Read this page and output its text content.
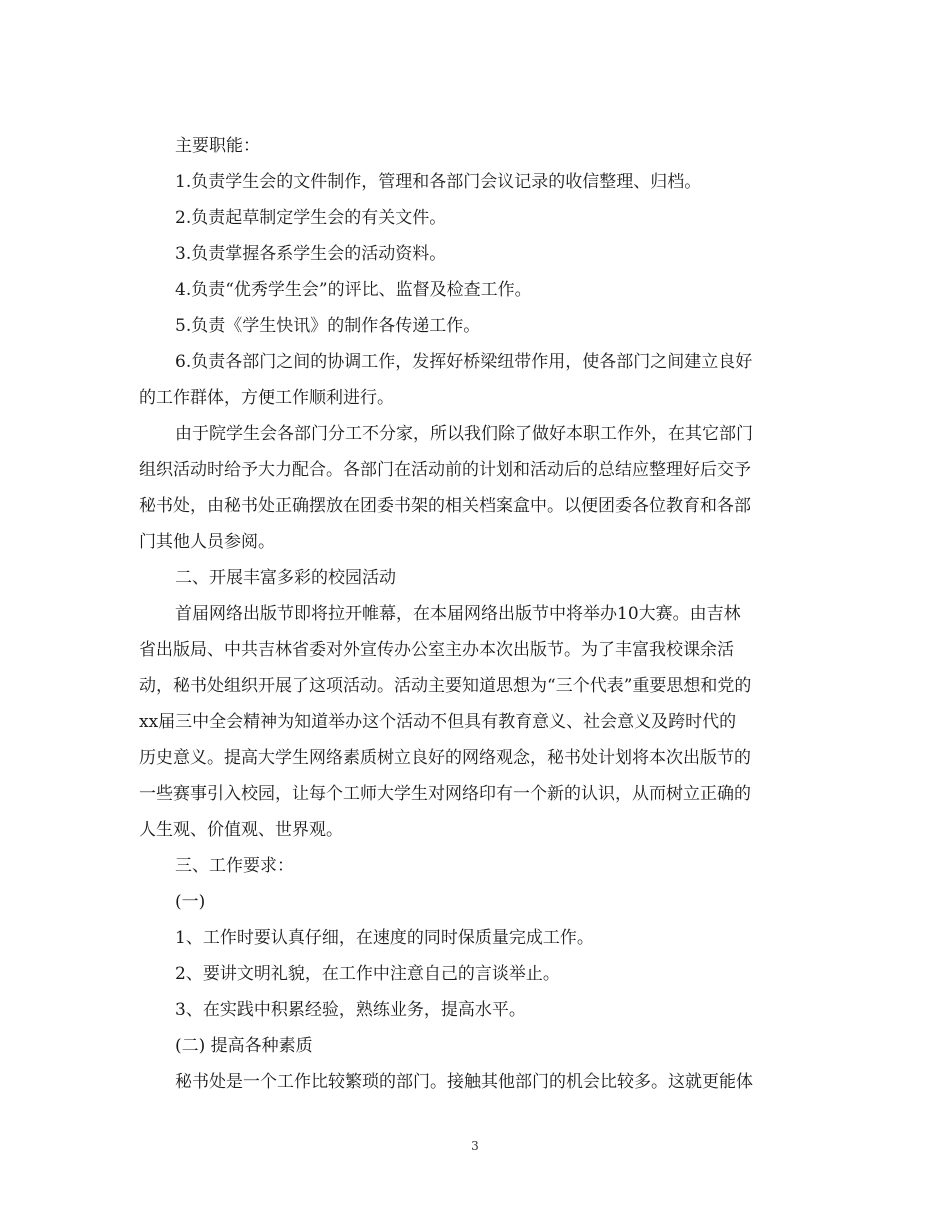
主要职能：
1.负责学生会的文件制作，管理和各部门会议记录的收信整理、归档。
2.负责起草制定学生会的有关文件。
3.负责掌握各系学生会的活动资料。
4.负责“优秀学生会”的评比、监督及检查工作。
5.负责《学生快讯》的制作各传递工作。
6.负责各部门之间的协调工作，发挥好桥梁纽带作用，使各部门之间建立良好
的工作群体，方便工作顺利进行。
由于院学生会各部门分工不分家，所以我们除了做好本职工作外，在其它部门
组织活动时给予大力配合。各部门在活动前的计划和活动后的总结应整理好后交予
秘书处，由秘书处正确摆放在团委书架的相关档案盒中。以便团委各位教育和各部
门其他人员参阅。
二、开展丰富多彩的校园活动
首届网络出版节即将拉开帷幕，在本届网络出版节中将举办10大赛。由吉林
省出版局、中共吉林省委对外宣传办公室主办本次出版节。为了丰富我校课余活
动，秘书处组织开展了这项活动。活动主要知道思想为“三个代表”重要思想和党的
xx届三中全会精神为知道举办这个活动不但具有教育意义、社会意义及跨时代的
历史意义。提高大学生网络素质树立良好的网络观念，秘书处计划将本次出版节的
一些赛事引入校园，让每个工师大学生对网络印有一个新的认识，从而树立正确的
人生观、价值观、世界观。
三、工作要求：
(一)
1、工作时要认真仔细，在速度的同时保质量完成工作。
2、要讲文明礼貌，在工作中注意自己的言谈举止。
3、在实践中积累经验，熟练业务，提高水平。
(二) 提高各种素质
秘书处是一个工作比较繁琐的部门。接触其他部门的机会比较多。这就更能体
3
